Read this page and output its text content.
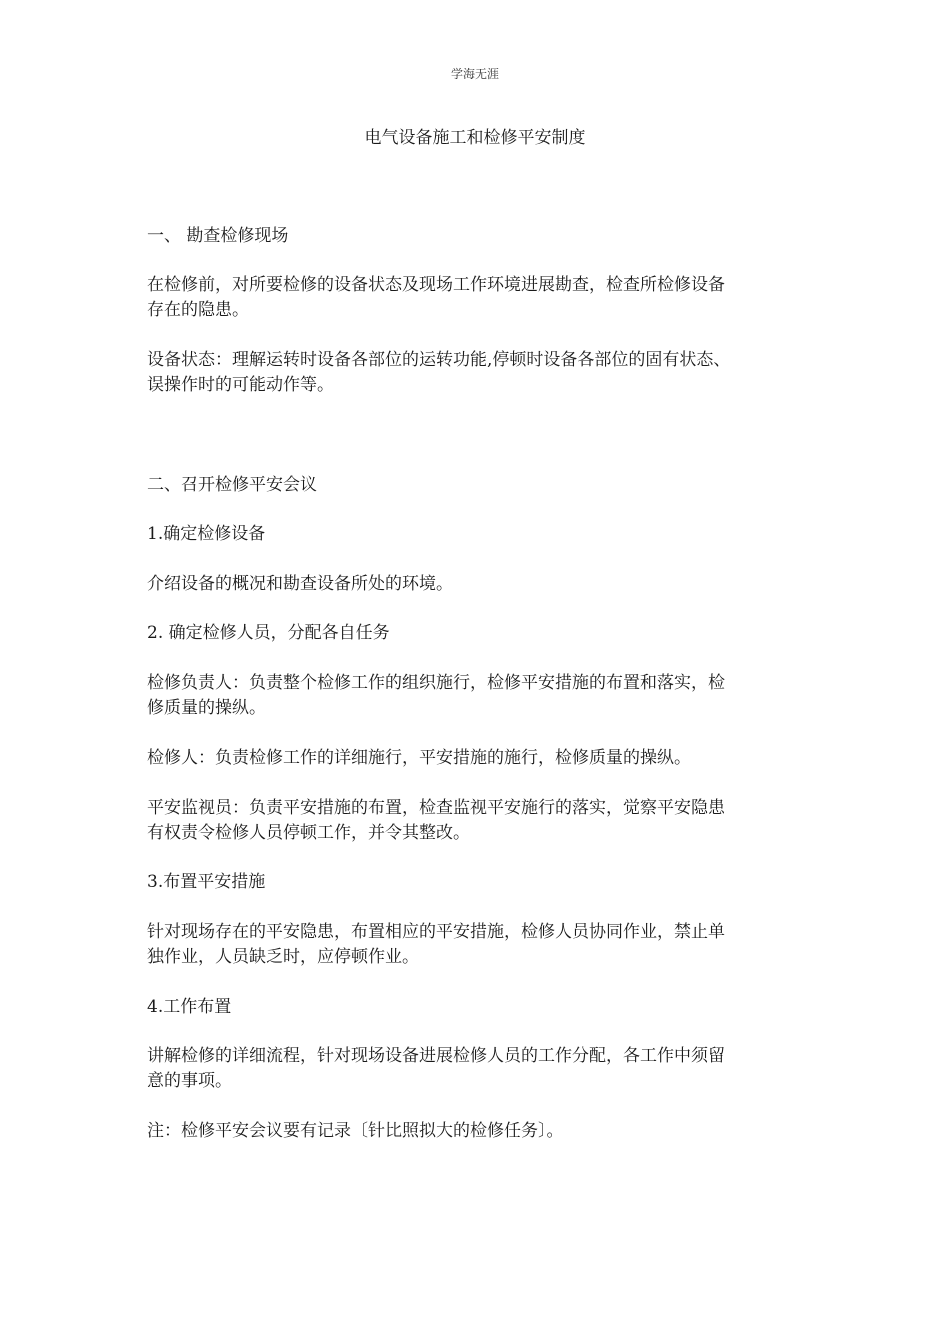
学海无涯
电气设备施工和检修平安制度
一、 勘查检修现场
在检修前，对所要检修的设备状态及现场工作环境进展勘查，检查所检修设备
存在的隐患。
设备状态：理解运转时设备各部位的运转功能,停顿时设备各部位的固有状态、
误操作时的可能动作等。
二、召开检修平安会议
1.确定检修设备
介绍设备的概况和勘查设备所处的环境。
2. 确定检修人员，分配各自任务
检修负责人：负责整个检修工作的组织施行，检修平安措施的布置和落实，检
修质量的操纵。
检修人：负责检修工作的详细施行，平安措施的施行，检修质量的操纵。
平安监视员：负责平安措施的布置，检查监视平安施行的落实，觉察平安隐患
有权责令检修人员停顿工作，并令其整改。
3.布置平安措施
针对现场存在的平安隐患，布置相应的平安措施，检修人员协同作业，禁止单
独作业，人员缺乏时，应停顿作业。
4.工作布置
讲解检修的详细流程，针对现场设备进展检修人员的工作分配，各工作中须留
意的事项。
注：检修平安会议要有记录〔针比照拟大的检修任务〕。
